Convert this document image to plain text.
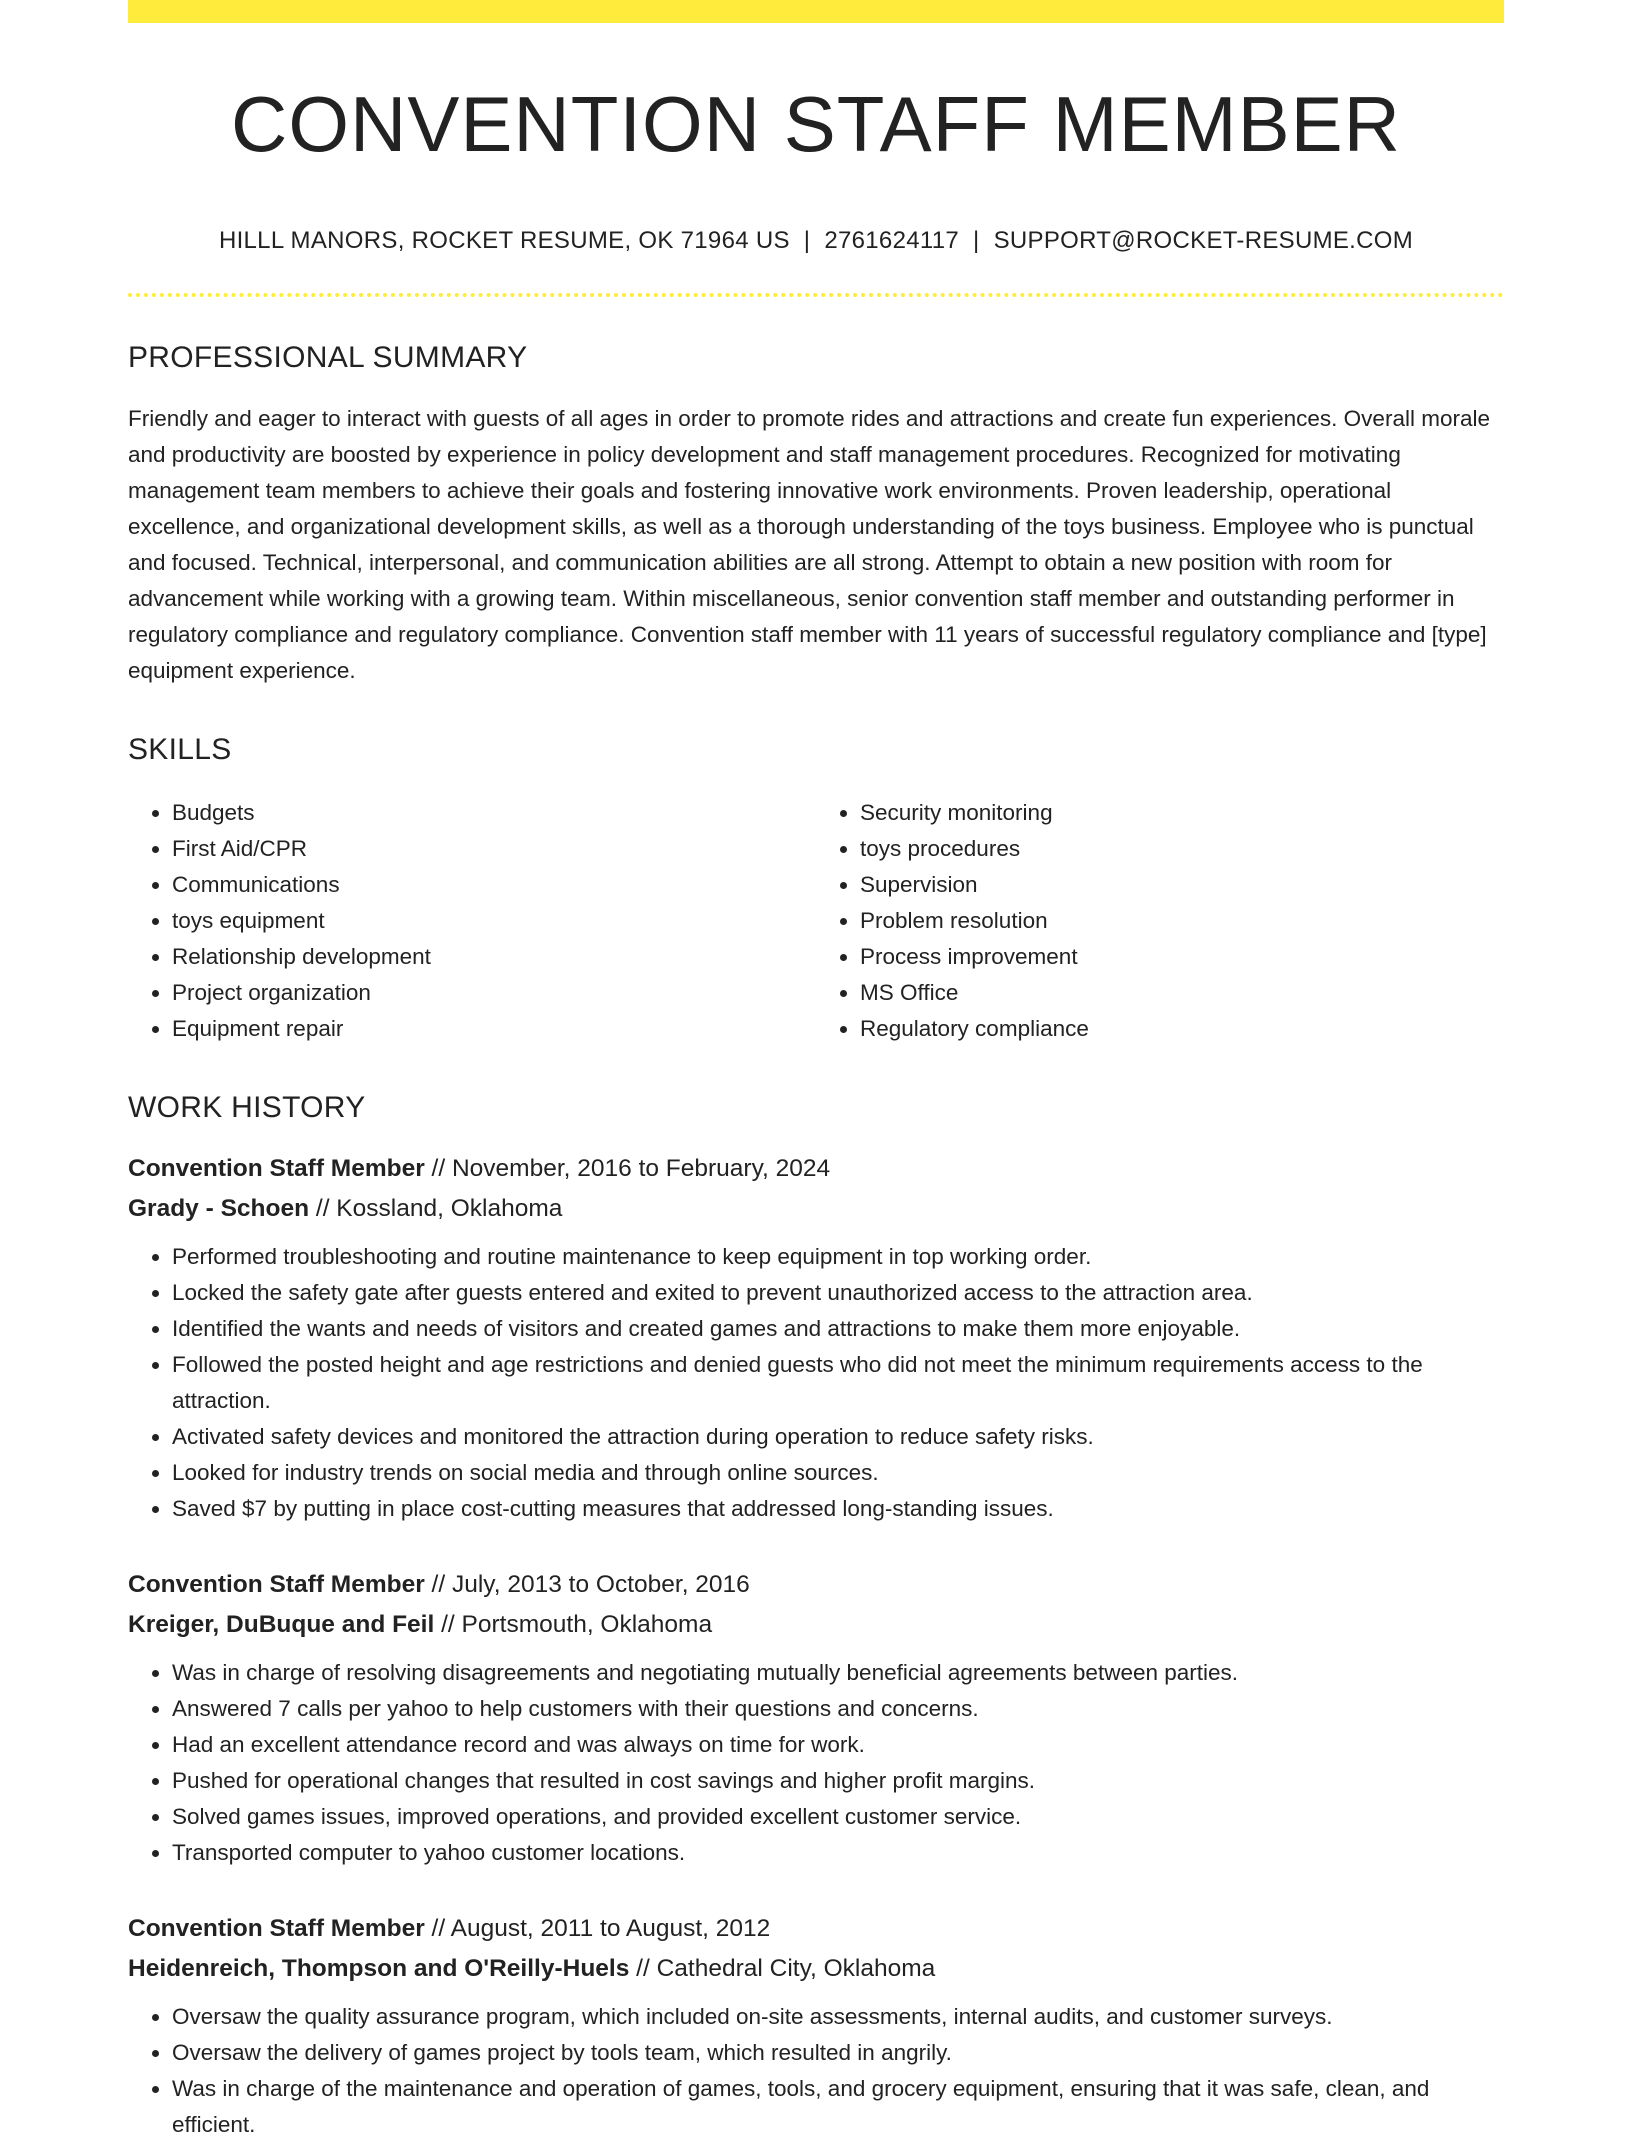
CONVENTION STAFF MEMBER
HILLL MANORS, ROCKET RESUME, OK 71964 US | 2761624117 | SUPPORT@ROCKET-RESUME.COM
PROFESSIONAL SUMMARY
Friendly and eager to interact with guests of all ages in order to promote rides and attractions and create fun experiences. Overall morale and productivity are boosted by experience in policy development and staff management procedures. Recognized for motivating management team members to achieve their goals and fostering innovative work environments. Proven leadership, operational excellence, and organizational development skills, as well as a thorough understanding of the toys business. Employee who is punctual and focused. Technical, interpersonal, and communication abilities are all strong. Attempt to obtain a new position with room for advancement while working with a growing team. Within miscellaneous, senior convention staff member and outstanding performer in regulatory compliance and regulatory compliance. Convention staff member with 11 years of successful regulatory compliance and [type] equipment experience.
SKILLS
• Budgets
• First Aid/CPR
• Communications
• toys equipment
• Relationship development
• Project organization
• Equipment repair
• Security monitoring
• toys procedures
• Supervision
• Problem resolution
• Process improvement
• MS Office
• Regulatory compliance
WORK HISTORY
Convention Staff Member // November, 2016 to February, 2024
Grady - Schoen // Kossland, Oklahoma
• Performed troubleshooting and routine maintenance to keep equipment in top working order.
• Locked the safety gate after guests entered and exited to prevent unauthorized access to the attraction area.
• Identified the wants and needs of visitors and created games and attractions to make them more enjoyable.
• Followed the posted height and age restrictions and denied guests who did not meet the minimum requirements access to the attraction.
• Activated safety devices and monitored the attraction during operation to reduce safety risks.
• Looked for industry trends on social media and through online sources.
• Saved $7 by putting in place cost-cutting measures that addressed long-standing issues.
Convention Staff Member // July, 2013 to October, 2016
Kreiger, DuBuque and Feil // Portsmouth, Oklahoma
• Was in charge of resolving disagreements and negotiating mutually beneficial agreements between parties.
• Answered 7 calls per yahoo to help customers with their questions and concerns.
• Had an excellent attendance record and was always on time for work.
• Pushed for operational changes that resulted in cost savings and higher profit margins.
• Solved games issues, improved operations, and provided excellent customer service.
• Transported computer to yahoo customer locations.
Convention Staff Member // August, 2011 to August, 2012
Heidenreich, Thompson and O'Reilly-Huels // Cathedral City, Oklahoma
• Oversaw the quality assurance program, which included on-site assessments, internal audits, and customer surveys.
• Oversaw the delivery of games project by tools team, which resulted in angrily.
• Was in charge of the maintenance and operation of games, tools, and grocery equipment, ensuring that it was safe, clean, and efficient.
